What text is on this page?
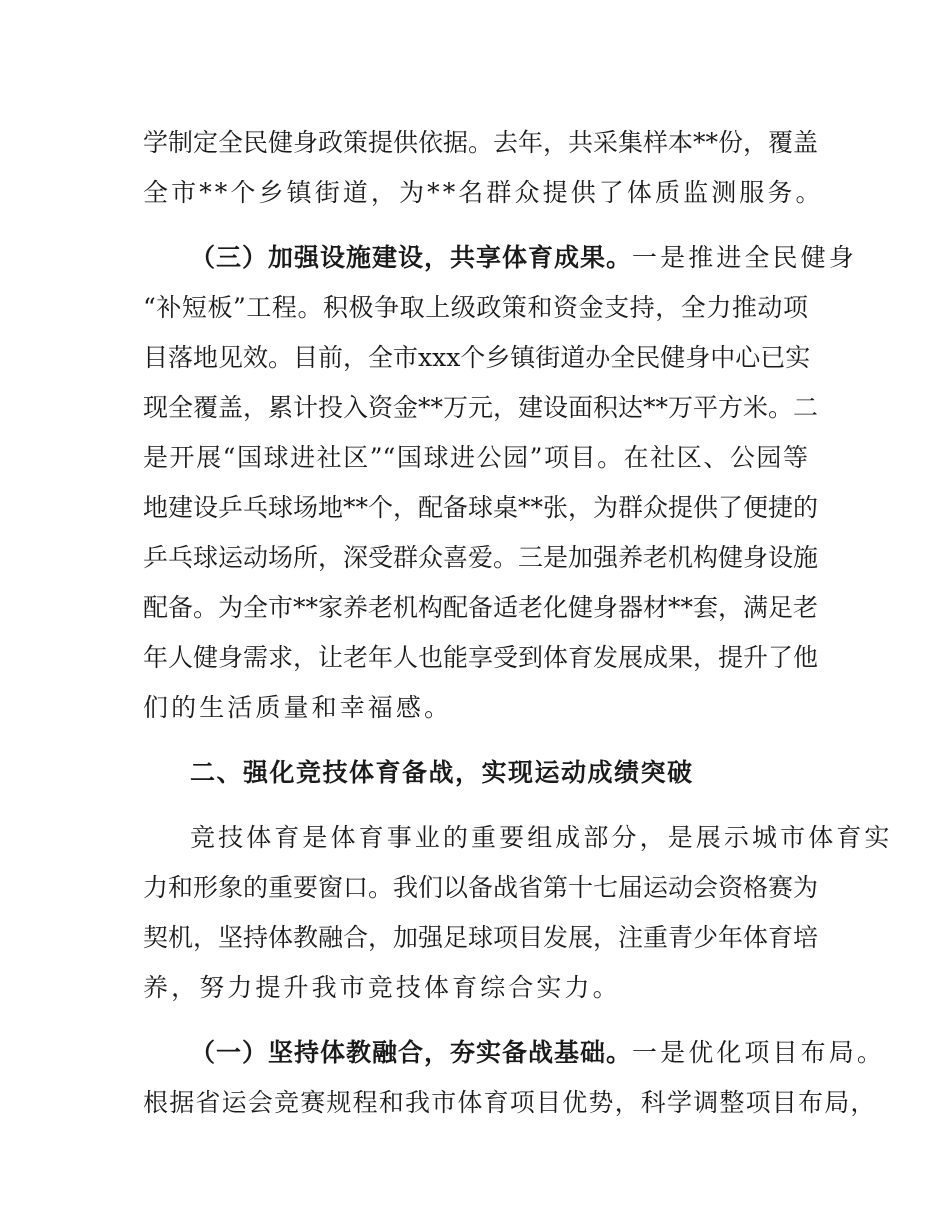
学制定全民健身政策提供依据。去年，共采集样本**份，覆盖
全市**个乡镇街道，为**名群众提供了体质监测服务。
（三）加强设施建设，共享体育成果。一是推进全民健身
“补短板”工程。积极争取上级政策和资金支持，全力推动项
目落地见效。目前，全市xxx个乡镇街道办全民健身中心已实
现全覆盖，累计投入资金**万元，建设面积达**万平方米。二
是开展“国球进社区”“国球进公园”项目。在社区、公园等
地建设乒乓球场地**个，配备球桌**张，为群众提供了便捷的
乒乓球运动场所，深受群众喜爱。三是加强养老机构健身设施
配备。为全市**家养老机构配备适老化健身器材**套，满足老
年人健身需求，让老年人也能享受到体育发展成果，提升了他
们的生活质量和幸福感。
二、强化竞技体育备战，实现运动成绩突破
竞技体育是体育事业的重要组成部分，是展示城市体育实
力和形象的重要窗口。我们以备战省第十七届运动会资格赛为
契机，坚持体教融合，加强足球项目发展，注重青少年体育培
养，努力提升我市竞技体育综合实力。
（一）坚持体教融合，夯实备战基础。一是优化项目布局。
根据省运会竞赛规程和我市体育项目优势，科学调整项目布局，
